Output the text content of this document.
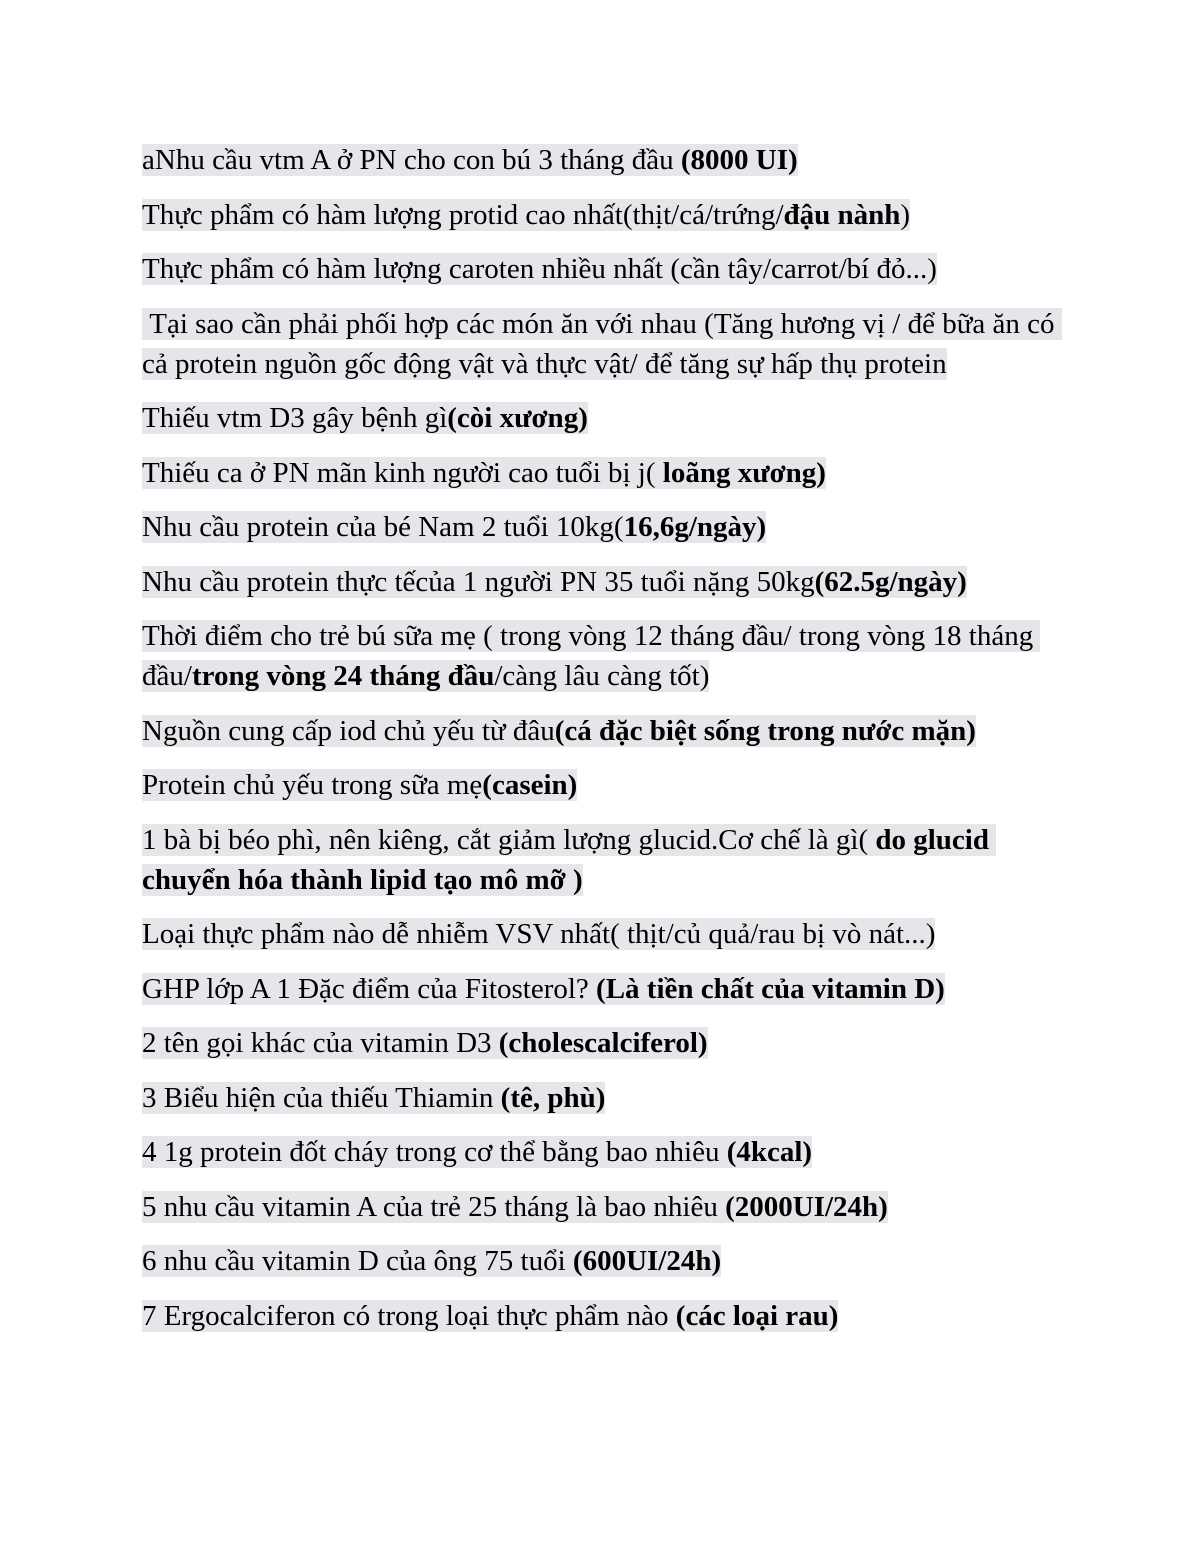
aNhu cầu vtm A ở PN cho con bú 3 tháng đầu (8000 UI)

Thực phẩm có hàm lượng protid cao nhất(thịt/cá/trứng/đậu nành)

Thực phẩm có hàm lượng caroten nhiều nhất (cần tây/carrot/bí đỏ...)

Tại sao cần phải phối hợp các món ăn với nhau (Tăng hương vị / để bữa ăn có cả protein nguồn gốc động vật và thực vật/ để tăng sự hấp thụ protein

Thiếu vtm D3 gây bệnh gì(còi xương)

Thiếu ca ở PN mãn kinh người cao tuổi bị j( loãng xương)

Nhu cầu protein của bé Nam 2 tuổi 10kg(16,6g/ngày)

Nhu cầu protein thực tếcủa 1 người PN 35 tuổi nặng 50kg(62.5g/ngày)

Thời điểm cho trẻ bú sữa mẹ ( trong vòng 12 tháng đầu/ trong vòng 18 tháng đầu/trong vòng 24 tháng đầu/càng lâu càng tốt)

Nguồn cung cấp iod chủ yếu từ đâu(cá đặc biệt sống trong nước mặn)

Protein chủ yếu trong sữa mẹ(casein)

1 bà bị béo phì, nên kiêng, cắt giảm lượng glucid.Cơ chế là gì( do glucid chuyển hóa thành lipid tạo mô mỡ )

Loại thực phẩm nào dễ nhiễm VSV nhất( thịt/củ quả/rau bị vò nát...)

GHP lớp A 1 Đặc điểm của Fitosterol? (Là tiền chất của vitamin D)

2 tên gọi khác của vitamin D3 (cholescalciferol)

3 Biểu hiện của thiếu Thiamin (tê, phù)

4 1g protein đốt cháy trong cơ thể bằng bao nhiêu (4kcal)

5 nhu cầu vitamin A của trẻ 25 tháng là bao nhiêu (2000UI/24h)

6 nhu cầu vitamin D của ông 75 tuổi (600UI/24h)

7 Ergocalciferon có trong loại thực phẩm nào (các loại rau)
